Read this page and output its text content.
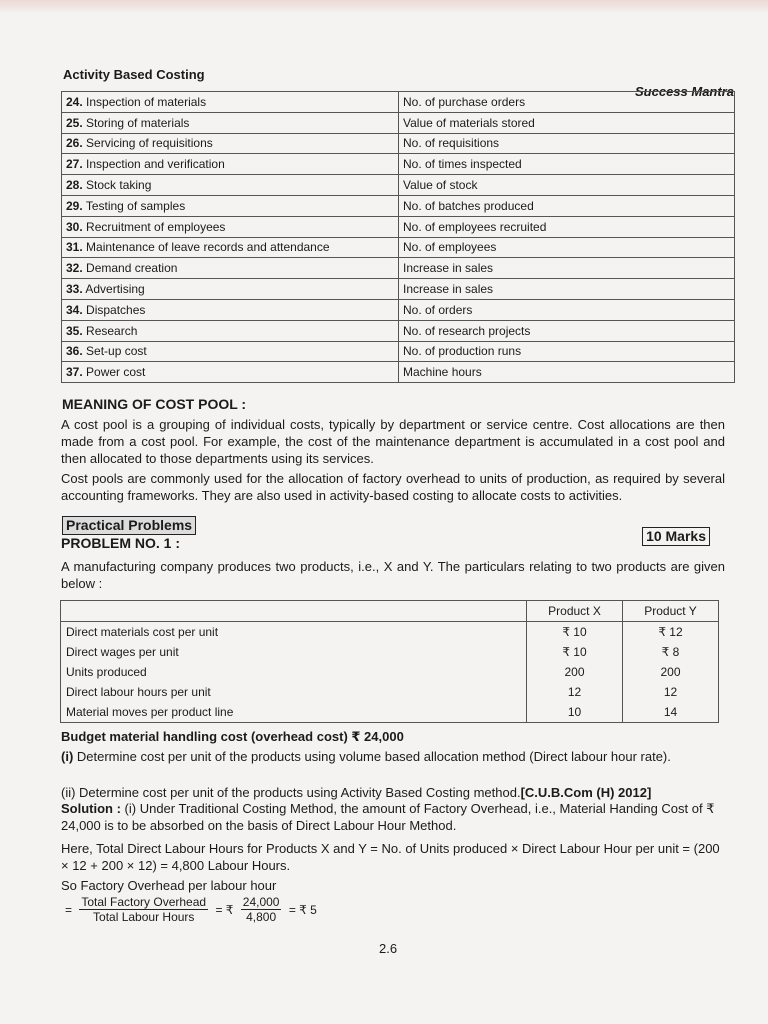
Activity Based Costing
Success Mantra
24. Inspection of materials	No. of purchase orders
25. Storing of materials	Value of materials stored
26. Servicing of requisitions	No. of requisitions
27. Inspection and verification	No. of times inspected
28. Stock taking	Value of stock
29. Testing of samples	No. of batches produced
30. Recruitment of employees	No. of employees recruited
31. Maintenance of leave records and attendance	No. of employees
32. Demand creation	Increase in sales
33. Advertising	Increase in sales
34. Dispatches	No. of orders
35. Research	No. of research projects
36. Set-up cost	No. of production runs
37. Power cost	Machine hours
MEANING OF COST POOL :
A cost pool is a grouping of individual costs, typically by department or service centre. Cost allocations are then made from a cost pool. For example, the cost of the maintenance department is accumulated in a cost pool and then allocated to those departments using its services.
Cost pools are commonly used for the allocation of factory overhead to units of production, as required by several accounting frameworks. They are also used in activity-based costing to allocate costs to activities.
Practical Problems
10 Marks
PROBLEM NO. 1 :
A manufacturing company produces two products, i.e., X and Y. The particulars relating to two products are given below :
	Product X	Product Y
Direct materials cost per unit	₹ 10	₹ 12
Direct wages per unit	₹ 10	₹ 8
Units produced	200	200
Direct labour hours per unit	12	12
Material moves per product line	10	14
Budget material handling cost (overhead cost) ₹ 24,000
(i) Determine cost per unit of the products using volume based allocation method (Direct labour hour rate).
(ii) Determine cost per unit of the products using Activity Based Costing method.[C.U.B.Com (H) 2012]
Solution : (i) Under Traditional Costing Method, the amount of Factory Overhead, i.e., Material Handing Cost of ₹ 24,000 is to be absorbed on the basis of Direct Labour Hour Method.
Here, Total Direct Labour Hours for Products X and Y = No. of Units produced × Direct Labour Hour per unit = (200 × 12 + 200 × 12) = 4,800 Labour Hours.
So Factory Overhead per labour hour
= $\frac{\text{Total Factory Overhead}}{\text{Total Labour Hours}}$ = ₹ $\frac{24,000}{4,800}$ = ₹ 5
2.6
